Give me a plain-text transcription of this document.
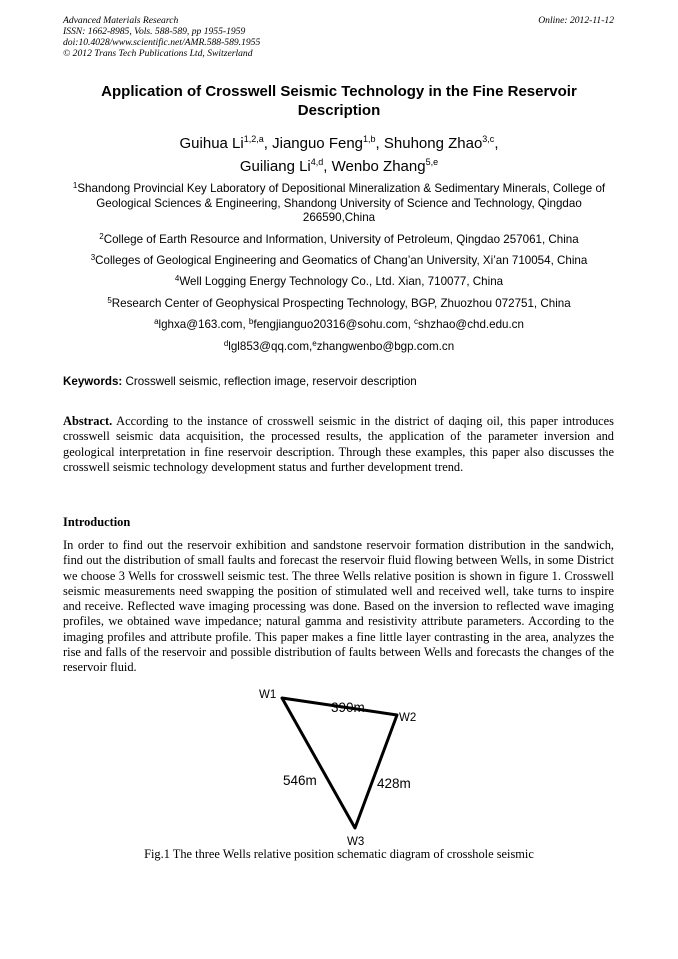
Advanced Materials Research
ISSN: 1662-8985, Vols. 588-589, pp 1955-1959
doi:10.4028/www.scientific.net/AMR.588-589.1955
© 2012 Trans Tech Publications Ltd, Switzerland
Online: 2012-11-12
Application of Crosswell Seismic Technology in the Fine Reservoir Description
Guihua Li$^{1,2,a}$, Jianguo Feng$^{1,b}$, Shuhong Zhao$^{3,c}$,
Guiliang Li$^{4,d}$, Wenbo Zhang$^{5,e}$
$^1$Shandong Provincial Key Laboratory of Depositional Mineralization & Sedimentary Minerals, College of Geological Sciences & Engineering, Shandong University of Science and Technology, Qingdao 266590,China
$^2$College of Earth Resource and Information, University of Petroleum, Qingdao 257061, China
$^3$Colleges of Geological Engineering and Geomatics of Chang’an University, Xi’an 710054, China
$^4$Well Logging Energy Technology Co., Ltd. Xian, 710077, China
$^5$Research Center of Geophysical Prospecting Technology, BGP, Zhuozhou 072751, China
$^a$lghxa@163.com, $^b$fengjianguo20316@sohu.com, $^c$shzhao@chd.edu.cn
$^d$lgl853@qq.com,$^e$zhangwenbo@bgp.com.cn
Keywords: Crosswell seismic, reflection image, reservoir description
Abstract. According to the instance of crosswell seismic in the district of daqing oil, this paper introduces crosswell seismic data acquisition, the processed results, the application of the parameter inversion and geological interpretation in fine reservoir description. Through these examples, this paper also discusses the crosswell seismic technology development status and further development trend.
Introduction
In order to find out the reservoir exhibition and sandstone reservoir formation distribution in the sandwich, find out the distribution of small faults and forecast the reservoir fluid flowing between Wells, in some District we choose 3 Wells for crosswell seismic test. The three Wells relative position is shown in figure 1. Crosswell seismic measurements need swapping the position of stimulated well and received well, take turns to inspire and receive. Reflected wave imaging processing was done. Based on the inversion to reflected wave imaging profiles, we obtained wave impedance; natural gamma and resistivity attribute parameters. According to the imaging profiles and attribute profile. This paper makes a fine little layer contrasting in the area, analyzes the rise and falls of the reservoir and possible distribution of faults between Wells and forecasts the changes of the reservoir fluid.
W1
W2
W3
390m
546m	428m
Fig.1 The three Wells relative position schematic diagram of crosshole seismic
